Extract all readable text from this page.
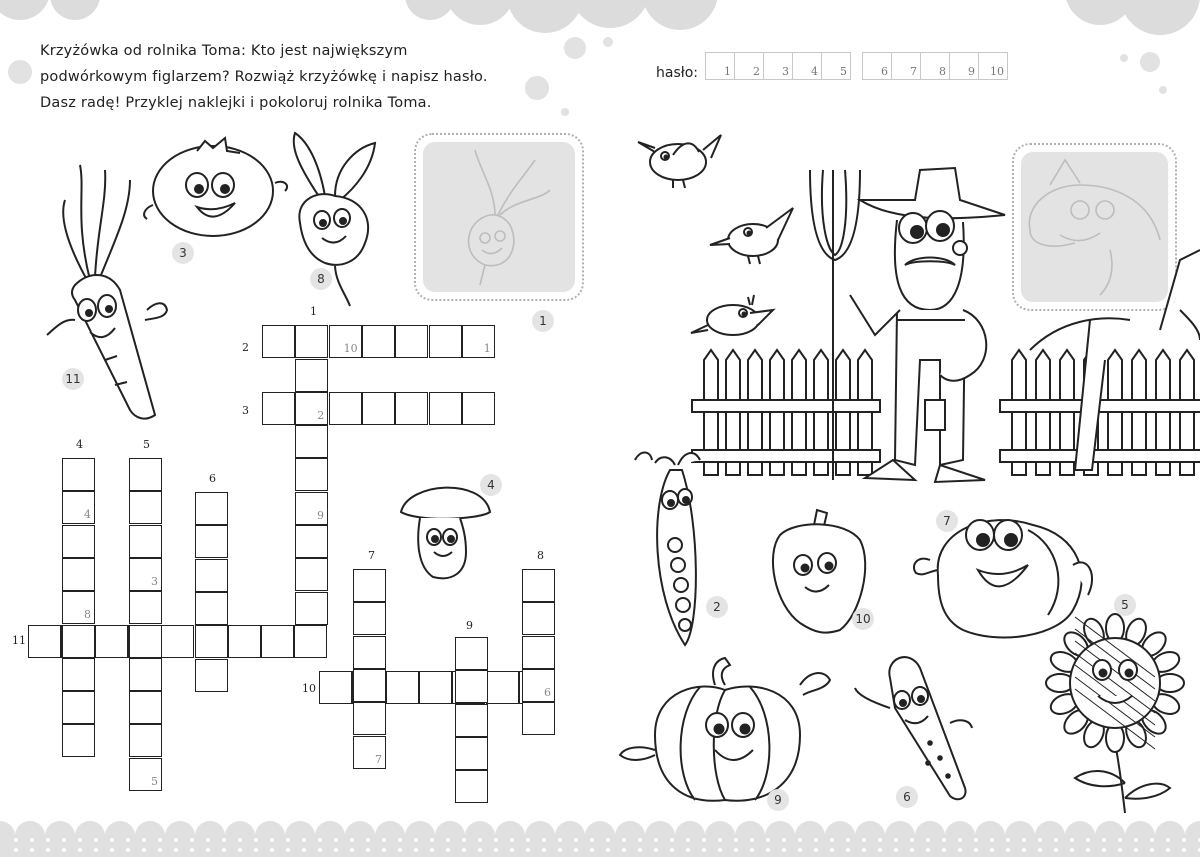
Krzyżówka od rolnika Toma: Kto jest największym
podwórkowym figlarzem? Rozwiąż krzyżówkę i napisz hasło.
Dasz radę! Przyklej naklejki i pokoloruj rolnika Toma.
hasło: 1 2 3 4 5	6 7 8 9 10
10	1
2
9
4
8
3
5
7
6
1
2
3
4	5
6
7	8
9
10
11
11
3
8
1
4
2
10
7
5
9	6
